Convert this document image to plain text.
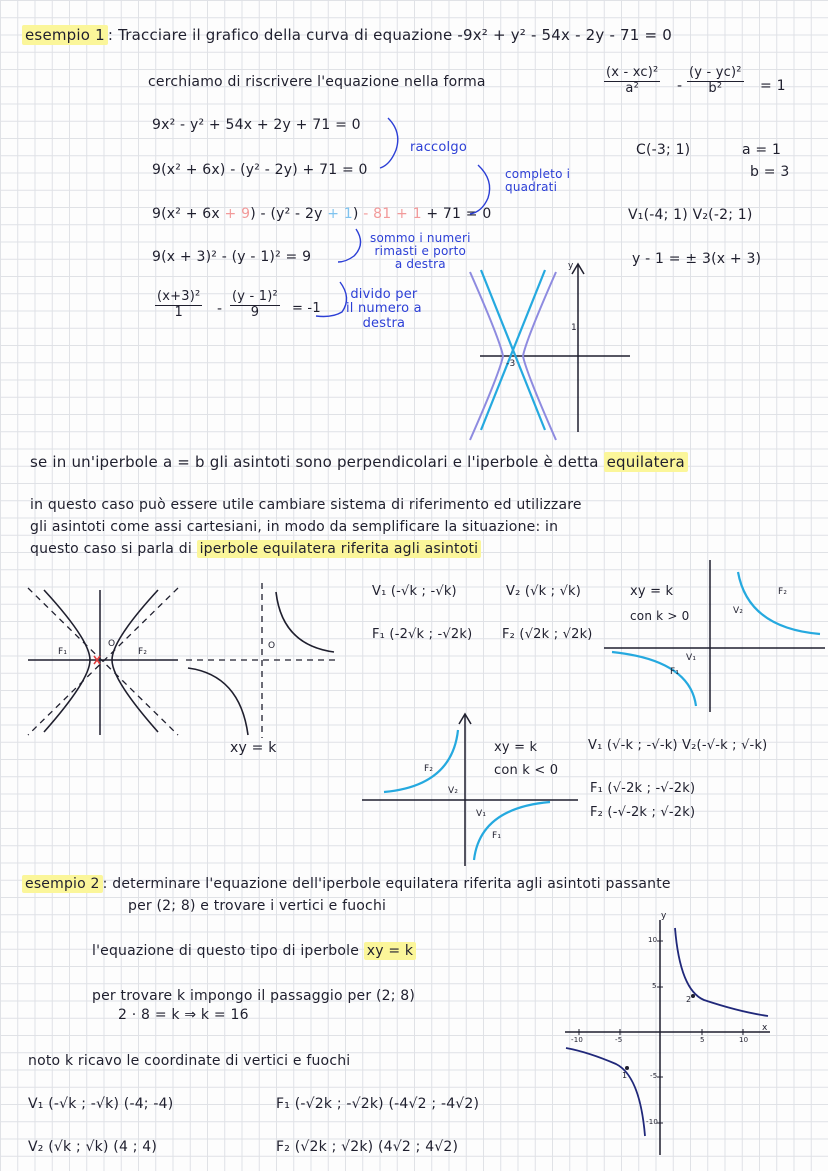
esempio 1 : Tracciare il grafico della curva di equazione -9x² + y² - 54x - 2y - 71 = 0
cerchiamo di riscrivere l'equazione nella forma	$\frac{\text{(x - xc)²}}{\text{a²}} - \frac{\text{(y - yc)²}}{\text{b²}} = 1$
9x² - y² + 54x + 2y + 71 = 0
9(x² + 6x) - (y² - 2y) + 71 = 0
9(x² + 6x + 9) - (y² - 2y + 1) - 81 + 1 + 71 = 0
9(x + 3)² - (y - 1)² = 9
$\frac{\text{(x+3)²}}{1} - \frac{\text{(y - 1)²}}{9} = -1$
raccolgo
completo i
quadrati
sommo i numeri
rimasti e porto
a destra
divido per
il numero a
destra
C(-3; 1)	a = 1
b = 3
V₁(-4; 1) V₂(-2; 1)
y - 1 = ± 3(x + 3)
y
1
-3
se in un'iperbole a = b gli asintoti sono perpendicolari e l'iperbole è detta equilatera
in questo caso può essere utile cambiare sistema di riferimento ed utilizzare
gli asintoti come assi cartesiani, in modo da semplificare la situazione: in
questo caso si parla di iperbole equilatera riferita agli asintoti
F₁	F₂
O	O
xy = k
V₁ (-√k ; -√k)	V₂ (√k ; √k)
F₁ (-2√k ; -√2k) F₂ (√2k ; √2k)
xy = k
con k > 0
F₂
V₂
V₁
F₁
xy = k
con k < 0
V₁ (√-k ; -√-k) V₂(-√-k ; √-k)
F₁ (√-2k ; -√-2k)
F₂ (-√-2k ; √-2k)
F₂
V₂
V₁
F₁
esempio 2 : determinare l'equazione dell'iperbole equilatera riferita agli asintoti passante
per (2; 8) e trovare i vertici e fuochi
l'equazione di questo tipo di iperbole xy = k
per trovare k impongo il passaggio per (2; 8)
2 · 8 = k ⇒ k = 16
noto k ricavo le coordinate di vertici e fuochi
V₁ (-√k ; -√k) (-4; -4)
V₂ (√k ; √k) (4 ; 4)
F₁ (-√2k ; -√2k) (-4√2 ; -4√2)
F₂ (√2k ; √2k) (4√2 ; 4√2)
y
x
-10	-5	5	10
10
5
-5
-10
1
2
